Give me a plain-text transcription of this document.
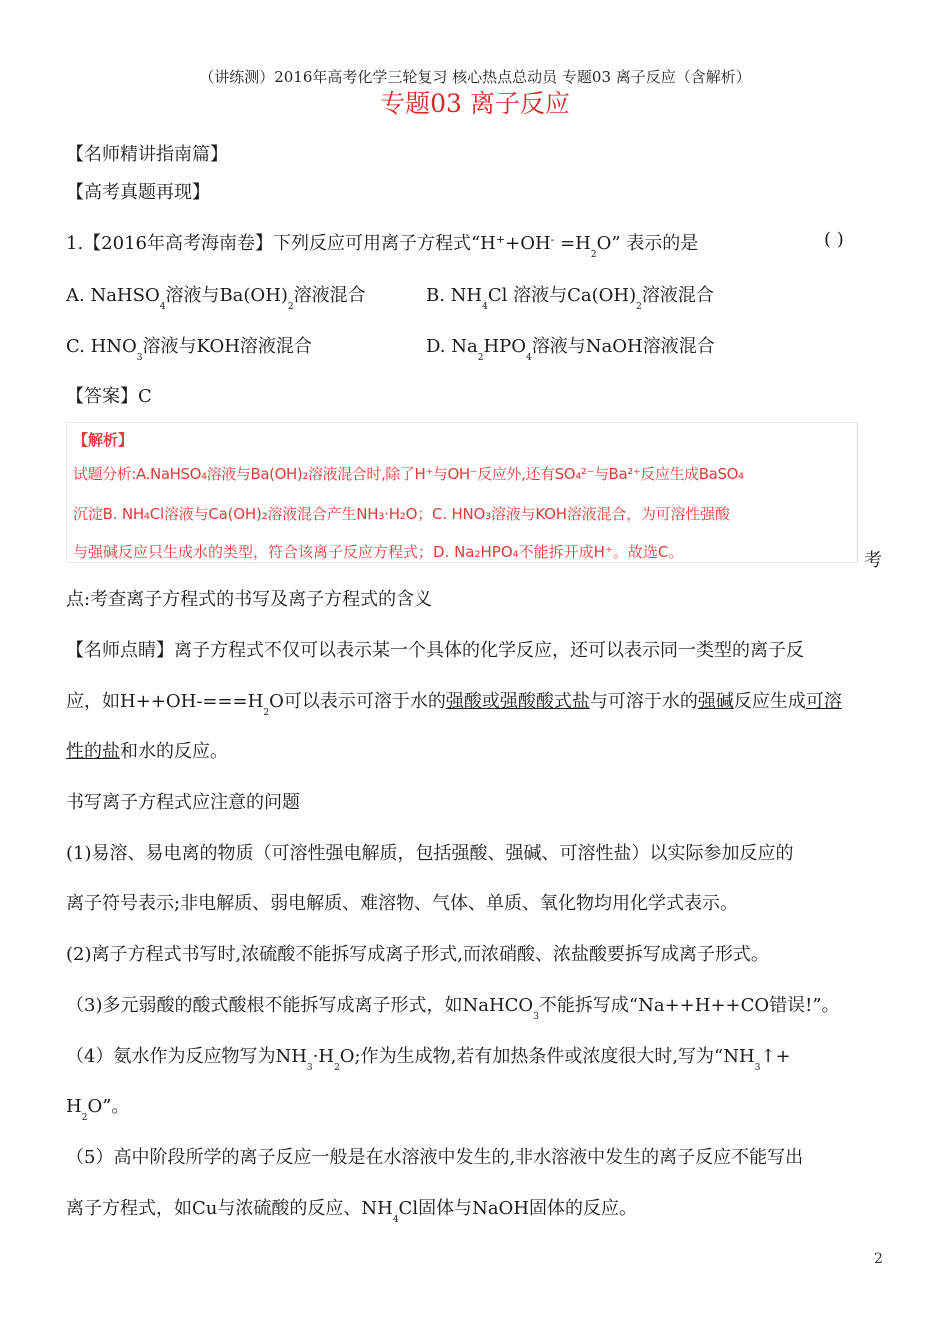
（讲练测）2016年高考化学三轮复习 核心热点总动员 专题03 离子反应（含解析）
专题03 离子反应
【名师精讲指南篇】
【高考真题再现】
1.【2016年高考海南卷】下列反应可用离子方程式“$H^++OH^- =H_2O$” 表示的是	( )
A. NaHSO$_4$溶液与$Ba(OH)_2$溶液混合	B. $NH_4Cl$ 溶液与$Ca(OH)_2$溶液混合
C. $HNO_3$溶液与KOH溶液混合	D. $Na_2HPO_4$溶液与NaOH溶液混合
【答案】C
【解析】
试题分析:A.NaHSO₄溶液与Ba(OH)₂溶液混合时,除了H⁺与OH⁻反应外,还有SO₄²⁻与Ba²⁺反应生成BaSO₄
沉淀B. NH₄Cl溶液与Ca(OH)₂溶液混合产生NH₃·H₂O；C. HNO₃溶液与KOH溶液混合，为可溶性强酸
与强碱反应只生成水的类型，符合该离子反应方程式；D. Na₂HPO₄不能拆开成H⁺。故选C。	考
点:考查离子方程式的书写及离子方程式的含义
【名师点睛】离子方程式不仅可以表示某一个具体的化学反应，还可以表示同一类型的离子反
应，如$H++OH-===H_2O$可以表示可溶于水的强酸或强酸酸式盐与可溶于水的强碱反应生成可溶
性的盐和水的反应。
书写离子方程式应注意的问题
(1)易溶、易电离的物质（可溶性强电解质，包括强酸、强碱、可溶性盐）以实际参加反应的
离子符号表示;非电解质、弱电解质、难溶物、气体、单质、氧化物均用化学式表示。
(2)离子方程式书写时,浓硫酸不能拆写成离子形式,而浓硝酸、浓盐酸要拆写成离子形式。
（3)多元弱酸的酸式酸根不能拆写成离子形式，如NaHCO$_3$不能拆写成“Na++H++CO错误!”。
（4）氨水作为反应物写为$NH_3\cdot H_2O$;作为生成物,若有加热条件或浓度很大时,写为“$NH_3↑+$
$H_2O$”。
（5）高中阶段所学的离子反应一般是在水溶液中发生的,非水溶液中发生的离子反应不能写出
离子方程式，如Cu与浓硫酸的反应、$NH_4Cl$固体与NaOH固体的反应。
2
